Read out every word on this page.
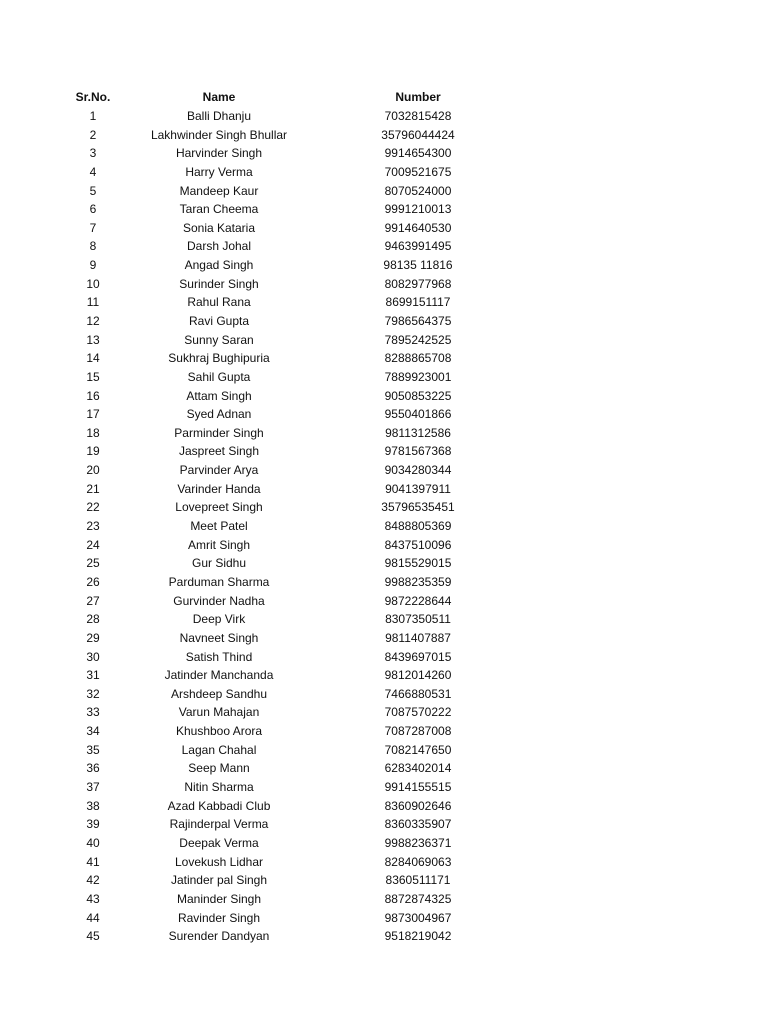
Sr.No.	Name	Number
1	Balli Dhanju	7032815428
2	Lakhwinder Singh Bhullar	35796044424
3	Harvinder Singh	9914654300
4	Harry Verma	7009521675
5	Mandeep Kaur	8070524000
6	Taran Cheema	9991210013
7	Sonia Kataria	9914640530
8	Darsh Johal	9463991495
9	Angad Singh	98135 11816
10	Surinder Singh	8082977968
11	Rahul Rana	8699151117
12	Ravi Gupta	7986564375
13	Sunny Saran	7895242525
14	Sukhraj Bughipuria	8288865708
15	Sahil Gupta	7889923001
16	Attam Singh	9050853225
17	Syed Adnan	9550401866
18	Parminder Singh	9811312586
19	Jaspreet Singh	9781567368
20	Parvinder Arya	9034280344
21	Varinder Handa	9041397911
22	Lovepreet Singh	35796535451
23	Meet Patel	8488805369
24	Amrit Singh	8437510096
25	Gur Sidhu	9815529015
26	Parduman Sharma	9988235359
27	Gurvinder Nadha	9872228644
28	Deep Virk	8307350511
29	Navneet Singh	9811407887
30	Satish Thind	8439697015
31	Jatinder Manchanda	9812014260
32	Arshdeep Sandhu	7466880531
33	Varun Mahajan	7087570222
34	Khushboo Arora	7087287008
35	Lagan Chahal	7082147650
36	Seep Mann	6283402014
37	Nitin Sharma	9914155515
38	Azad Kabbadi Club	8360902646
39	Rajinderpal Verma	8360335907
40	Deepak Verma	9988236371
41	Lovekush Lidhar	8284069063
42	Jatinder pal Singh	8360511171
43	Maninder Singh	8872874325
44	Ravinder Singh	9873004967
45	Surender Dandyan	9518219042
